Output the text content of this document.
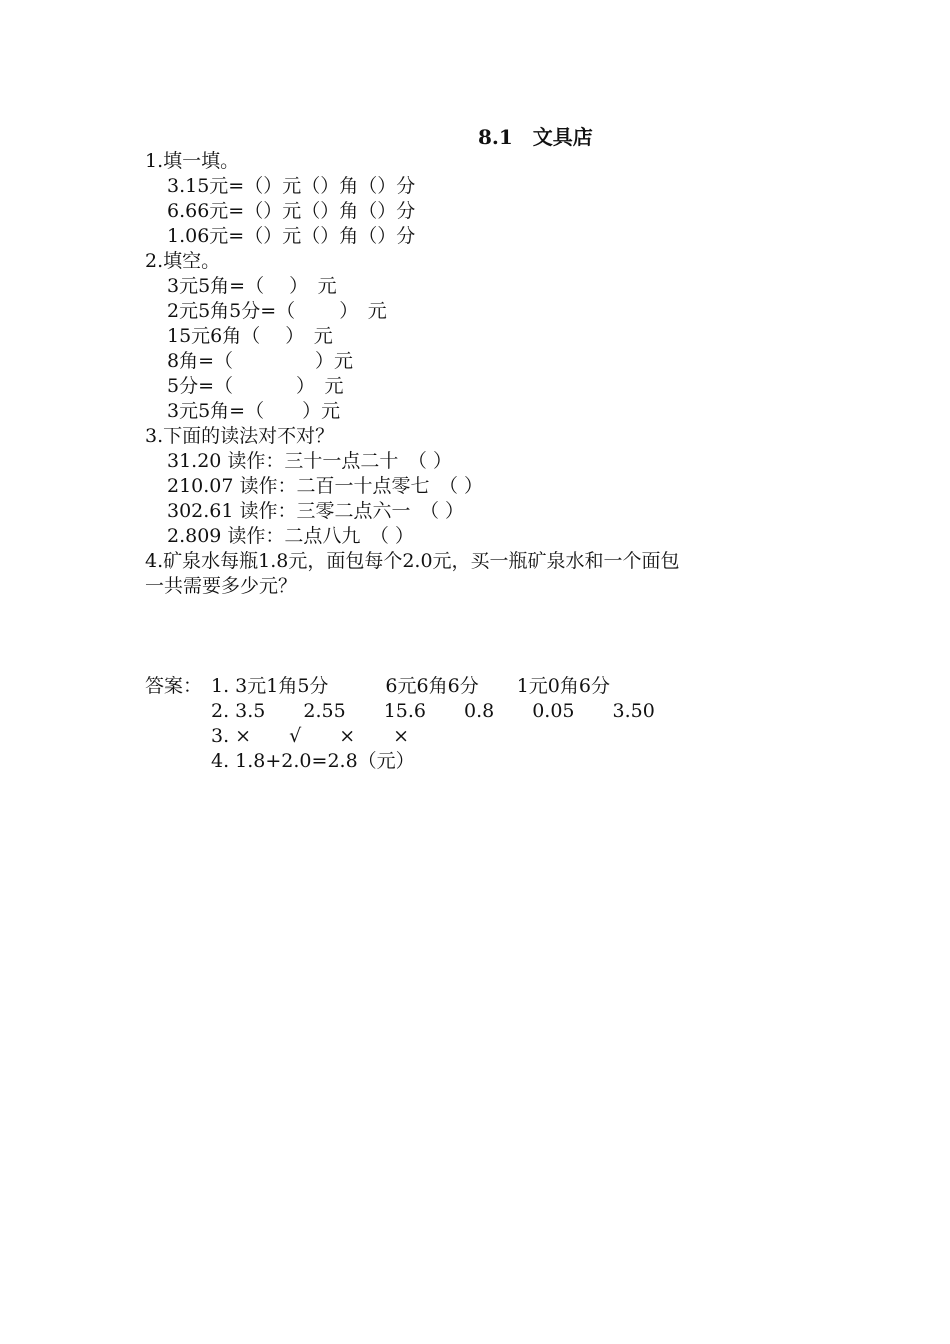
8.1　文具店
1.填一填。
3.15元=（）元（）角（）分
6.66元=（）元（）角（）分
1.06元=（）元（）角（）分
2.填空。
3元5角=（　 ）　元
2元5角5分=（　　 ）　元
15元6角（　 ）　元
8角=（　　　　 ）元
5分=（　　　 ）　元
3元5角=（　　）元
3.下面的读法对不对？
31.20 读作：三十一点二十　（ ）
210.07 读作：二百一十点零七　（ ）
302.61 读作：三零二点六一　（ ）
2.809 读作：二点八九　（ ）
4.矿泉水每瓶1.8元，面包每个2.0元，买一瓶矿泉水和一个面包
一共需要多少元？
答案： 1. 3元1角5分　　　6元6角6分　　1元0角6分
2. 3.5　　2.55　　15.6　　0.8　　0.05　　3.50
3. ×　　√　　×　　×
4. 1.8+2.0=2.8（元）
